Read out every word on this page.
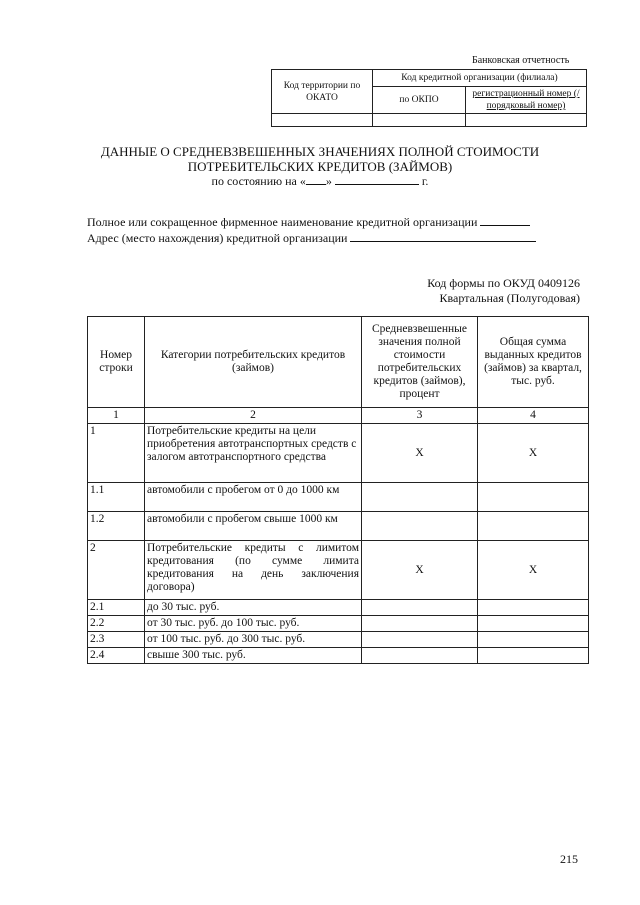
Банковская отчетность
Код территории по ОКАТО	Код кредитной организации (филиала)	
	по ОКПО	регистрационный номер (/порядковый номер)

ДАННЫЕ О СРЕДНЕВЗВЕШЕННЫХ ЗНАЧЕНИЯХ ПОЛНОЙ СТОИМОСТИ
ПОТРЕБИТЕЛЬСКИХ КРЕДИТОВ (ЗАЙМОВ)
по состоянию на « »	г.
Полное или сокращенное фирменное наименование кредитной организации
Адрес (место нахождения) кредитной организации
Код формы по ОКУД 0409126
Квартальная (Полугодовая)
Номер строки	Категории потребительских кредитов (займов)	Средневзвешенные значения полной стоимости потребительских кредитов (займов), процент	Общая сумма выданных кредитов (займов) за квартал, тыс. руб.
1	2	3	4
1	Потребительские кредиты на цели приобретения автотранспортных средств с залогом автотранспортного средства	X	X
1.1	автомобили с пробегом от 0 до 1000 км		
1.2	автомобили с пробегом свыше 1000 км		
2	Потребительские кредиты с лимитом кредитования (по сумме лимита кредитования на день заключения договора)	X	X
2.1	до 30 тыс. руб.		
2.2	от 30 тыс. руб. до 100 тыс. руб.		
2.3	от 100 тыс. руб. до 300 тыс. руб.		
2.4	свыше 300 тыс. руб.		
215
